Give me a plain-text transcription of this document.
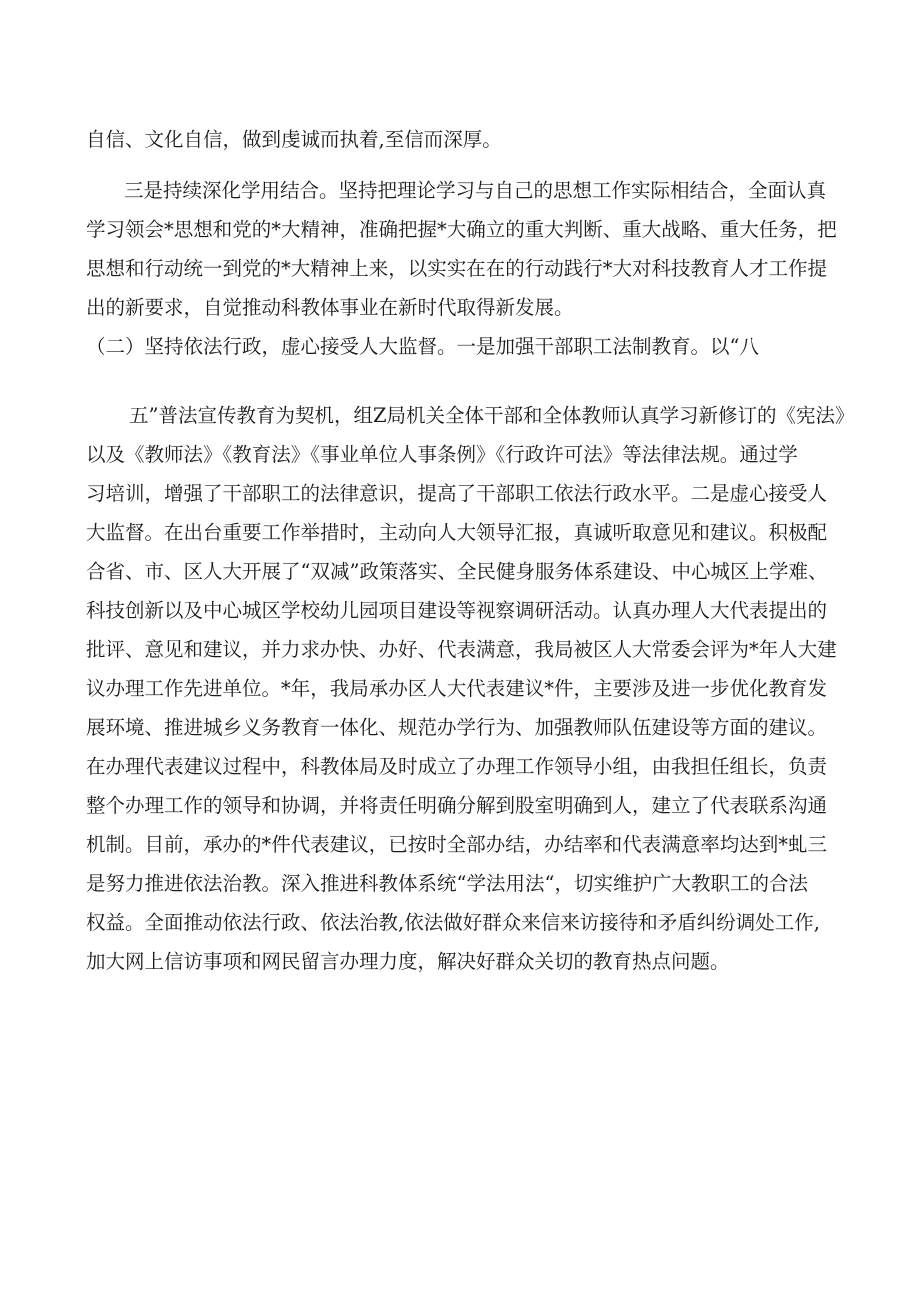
自信、文化自信，做到虔诚而执着,至信而深厚。
三是持续深化学用结合。坚持把理论学习与自己的思想工作实际相结合，全面认真
学习领会*思想和党的*大精神，准确把握*大确立的重大判断、重大战略、重大任务，把
思想和行动统一到党的*大精神上来，以实实在在的行动践行*大对科技教育人才工作提
出的新要求，自觉推动科教体事业在新时代取得新发展。
（二）坚持依法行政，虚心接受人大监督。一是加强干部职工法制教育。以“八
五”普法宣传教育为契机，组Z局机关全体干部和全体教师认真学习新修订的《宪法》
以及《教师法》《教育法》《事业单位人事条例》《行政许可法》等法律法规。通过学
习培训，增强了干部职工的法律意识，提高了干部职工依法行政水平。二是虚心接受人
大监督。在出台重要工作举措时，主动向人大领导汇报，真诚听取意见和建议。积极配
合省、市、区人大开展了“双减”政策落实、全民健身服务体系建设、中心城区上学难、
科技创新以及中心城区学校幼儿园项目建设等视察调研活动。认真办理人大代表提出的
批评、意见和建议，并力求办快、办好、代表满意，我局被区人大常委会评为*年人大建
议办理工作先进单位。*年，我局承办区人大代表建议*件，主要涉及进一步优化教育发
展环境、推进城乡义务教育一体化、规范办学行为、加强教师队伍建设等方面的建议。
在办理代表建议过程中，科教体局及时成立了办理工作领导小组，由我担任组长，负责
整个办理工作的领导和协调，并将责任明确分解到股室明确到人，建立了代表联系沟通
机制。目前，承办的*件代表建议，已按时全部办结，办结率和代表满意率均达到*虬三
是努力推进依法治教。深入推进科教体系统“学法用法“，切实维护广大教职工的合法
权益。全面推动依法行政、依法治教,依法做好群众来信来访接待和矛盾纠纷调处工作,
加大网上信访事项和网民留言办理力度，解决好群众关切的教育热点问题。
